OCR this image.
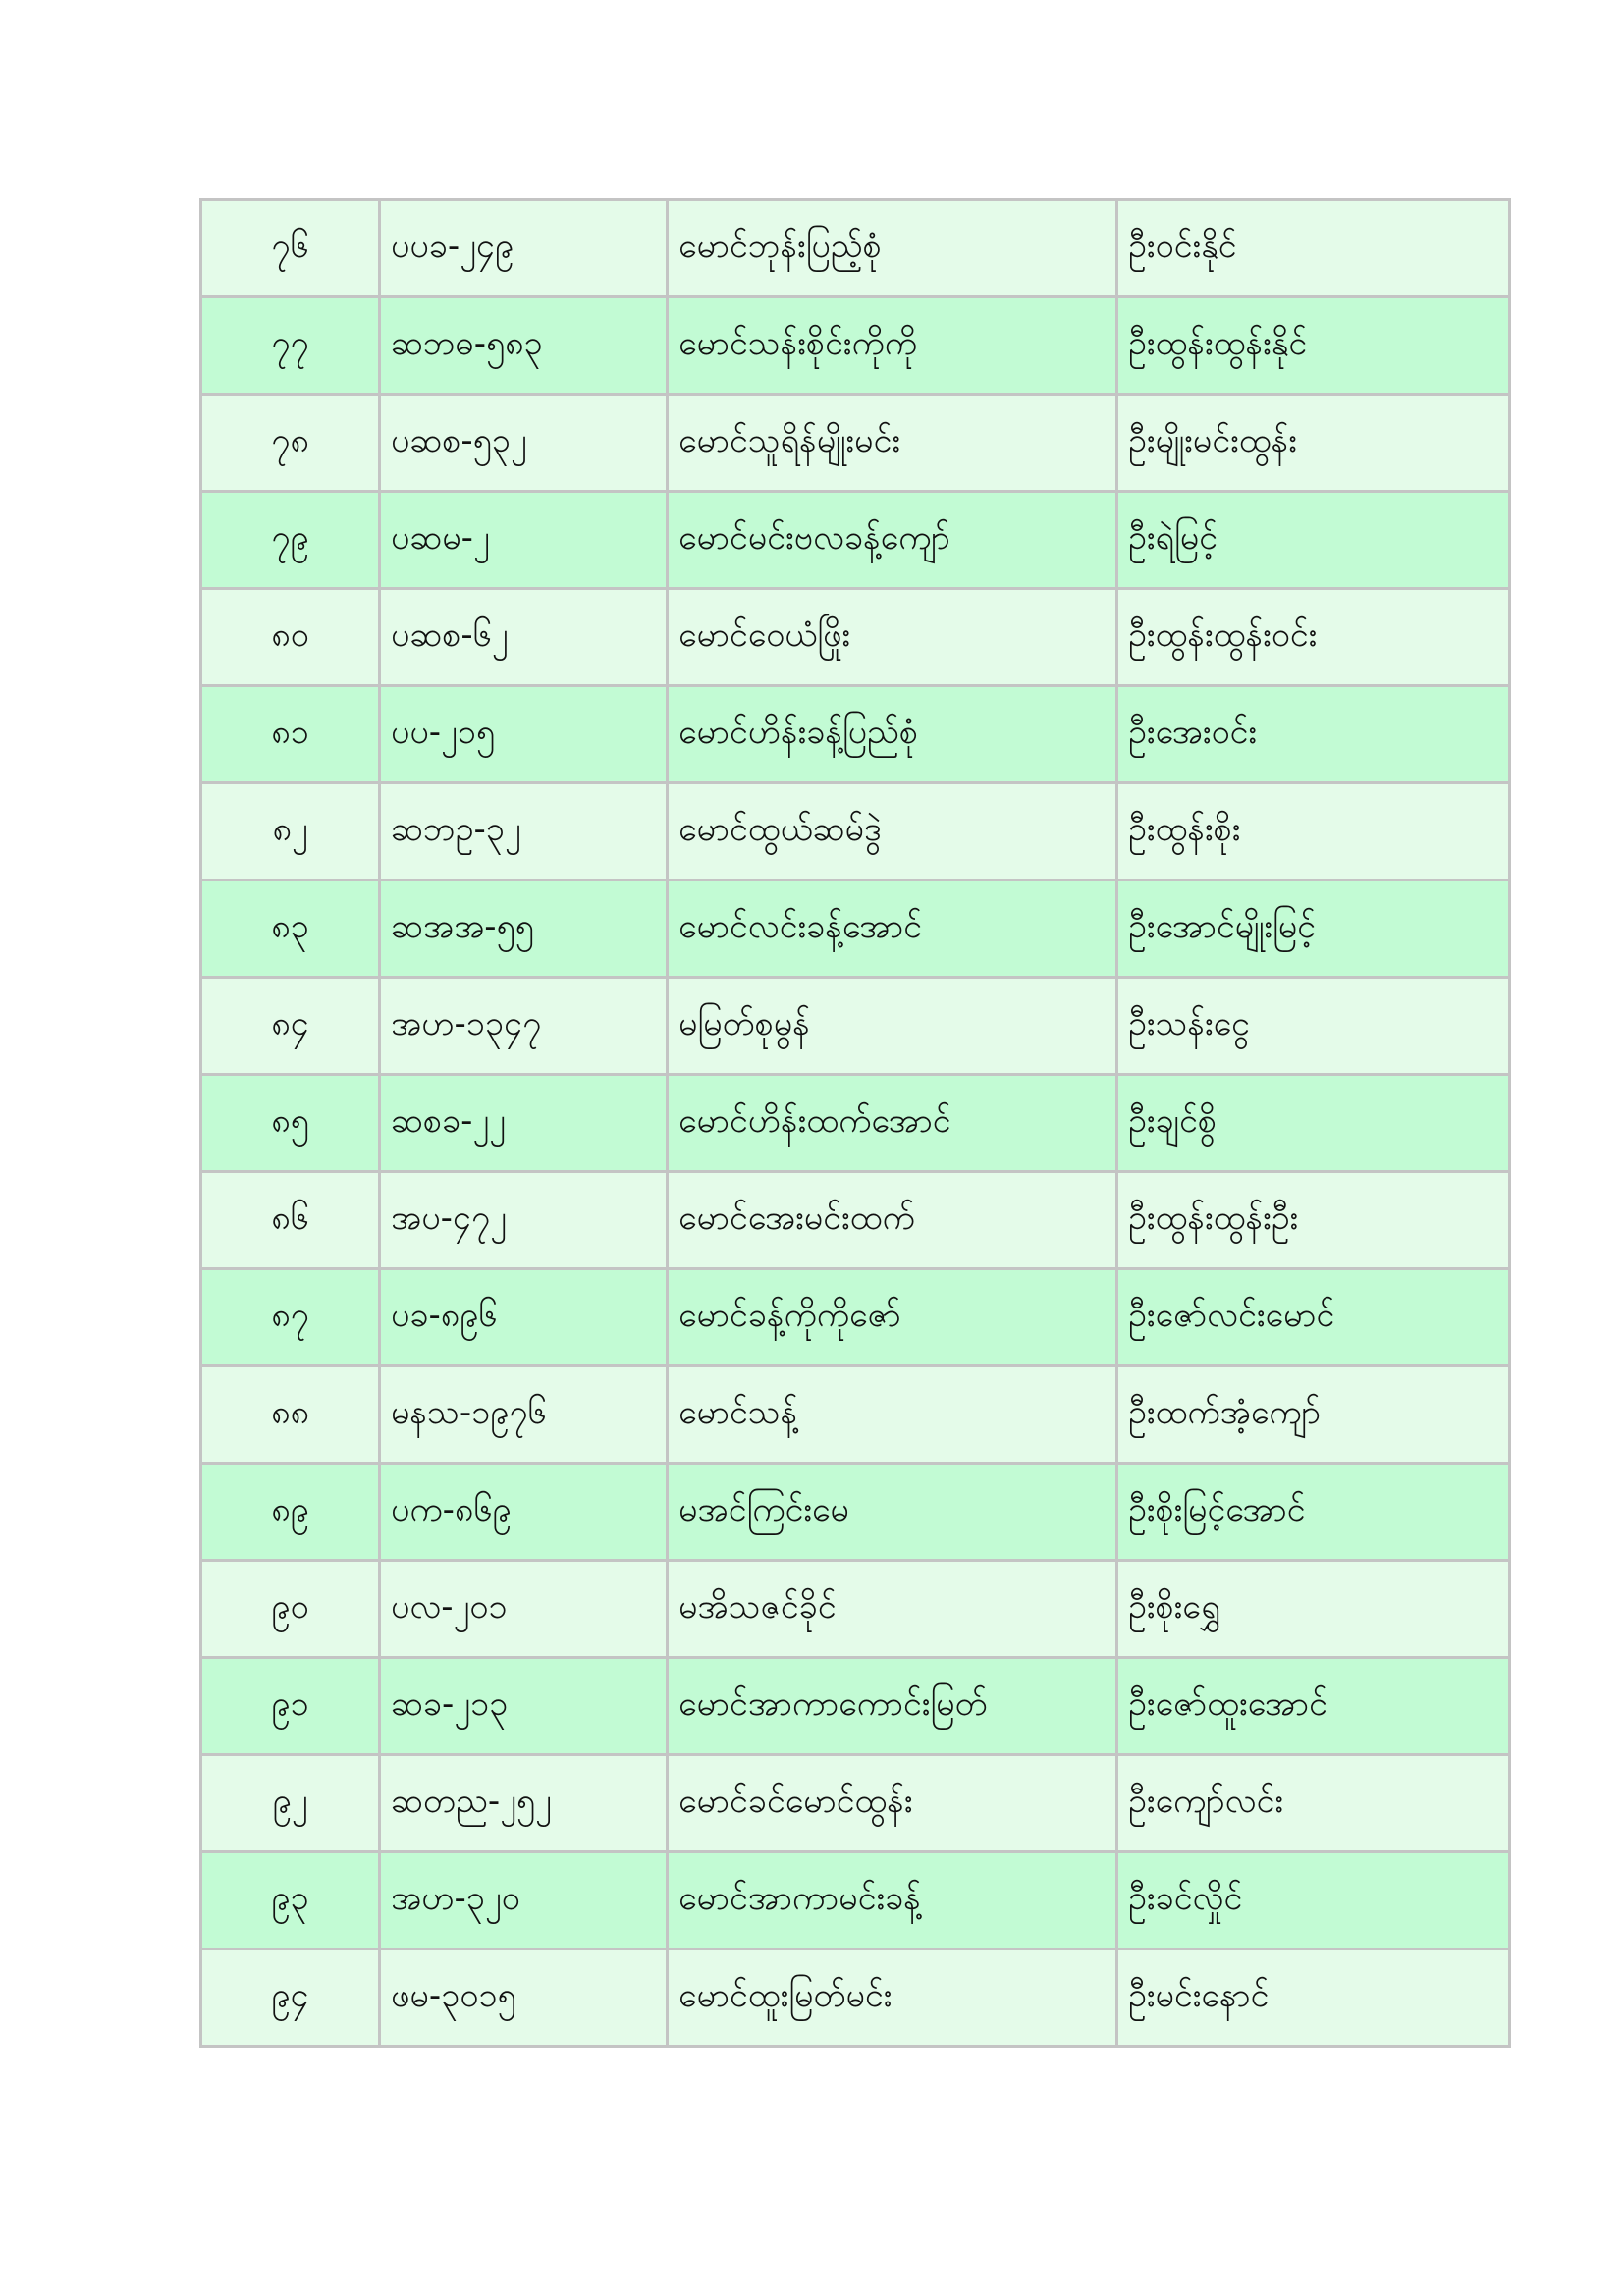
၇၆	ပပခ-၂၄၉	မောင်ဘုန်းပြည့်စုံ	ဦးဝင်းနိုင်
၇၇	ဆဘဓ-၅၈၃	မောင်သန်းစိုင်းကိုကို	ဦးထွန်းထွန်းနိုင်
၇၈	ပဆစ-၅၃၂	မောင်သူရိန်မျိုးမင်း	ဦးမျိုးမင်းထွန်း
၇၉	ပဆမ-၂	မောင်မင်းဗလခန့်ကျော်	ဦးရဲမြင့်
၈၀	ပဆစ-၆၂	မောင်ဝေယံဖြိုး	ဦးထွန်းထွန်းဝင်း
၈၁	ပပ-၂၁၅	မောင်ဟိန်းခန့်ပြည်စုံ	ဦးအေးဝင်း
၈၂	ဆဘဥ-၃၂	မောင်ထွယ်ဆမ်ဒွဲ	ဦးထွန်းစိုး
၈၃	ဆအအ-၅၅	မောင်လင်းခန့်အောင်	ဦးအောင်မျိုးမြင့်
၈၄	အဟ-၁၃၄၇	မမြတ်စုမွန်	ဦးသန်းငွေ
၈၅	ဆစခ-၂၂	မောင်ဟိန်းထက်အောင်	ဦးချင်စွိ
၈၆	အပ-၄၇၂	မောင်အေးမင်းထက်	ဦးထွန်းထွန်းဦး
၈၇	ပခ-၈၉၆	မောင်ခန့်ကိုကိုဇော်	ဦးဇော်လင်းမောင်
၈၈	မနသ-၁၉၇၆	မောင်သန့်	ဦးထက်အံ့ကျော်
၈၉	ပက-၈၆၉	မအင်ကြင်းမေ	ဦးစိုးမြင့်အောင်
၉၀	ပလ-၂၀၁	မအိသဇင်ခိုင်	ဦးစိုးရွှေ
၉၁	ဆခ-၂၁၃	မောင်အာကာကောင်းမြတ်	ဦးဇော်ထူးအောင်
၉၂	ဆတည-၂၅၂	မောင်ခင်မောင်ထွန်း	ဦးကျော်လင်း
၉၃	အဟ-၃၂၀	မောင်အာကာမင်းခန့်	ဦးခင်လှိုင်
၉၄	ဖမ-၃၀၁၅	မောင်ထူးမြတ်မင်း	ဦးမင်းနောင်
